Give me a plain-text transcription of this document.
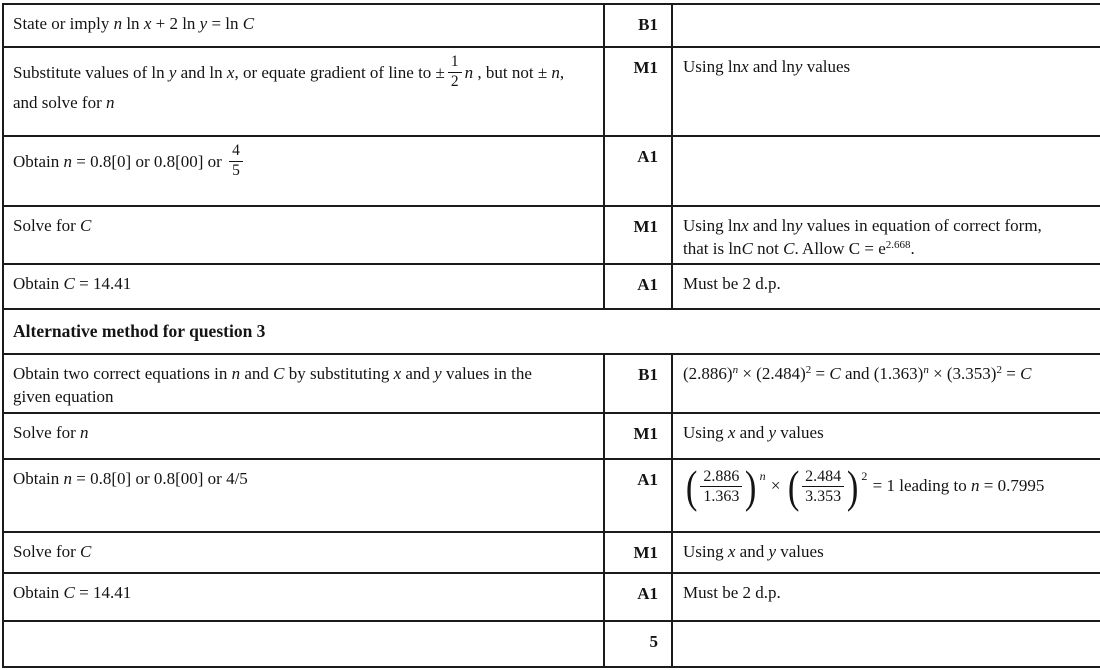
State or imply n ln x + 2 ln y = ln C	B1
Substitute values of ln y and ln x, or equate gradient of line to ± $\frac{1}{2}$ n , but not ± n,
and solve for n
M1	Using lnx and lny values
Obtain n = 0.8[0] or 0.8[00] or $\frac{4}{5}$	A1
Solve for C	M1	Using lnx and lny values in equation of correct form,
that is lnC not C. Allow $C = e^{2.668}$.
Obtain C = 14.41	A1	Must be 2 d.p.
Alternative method for question 3
Obtain two correct equations in n and C by substituting x and y values in the
given equation
B1	$(2.886)^n \times (2.484)^2 = C$ and $(1.363)^n \times (3.353)^2 = C$
Solve for n	M1	Using x and y values
Obtain n = 0.8[0] or 0.8[00] or 4/5	A1 ( $\frac{2.886}{1.363}$ ) n
× ( $\frac{2.484}{3.353}$ ) 2
= 1 leading to n = 0.7995
Solve for C	M1	Using x and y values
Obtain C = 14.41	A1	Must be 2 d.p.
5
